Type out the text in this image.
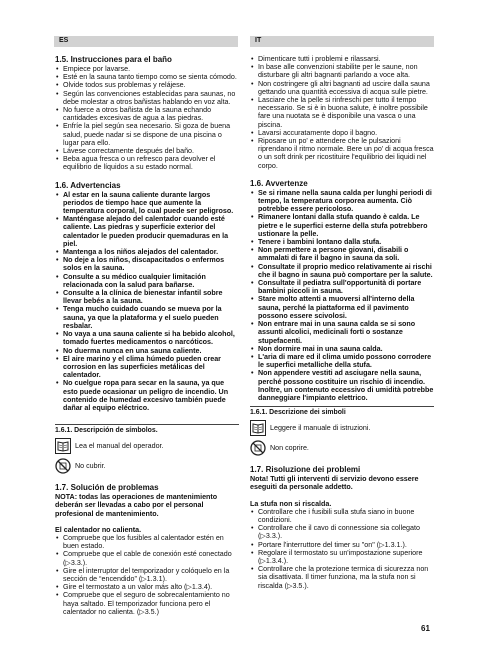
ES	IT
1.5. Instrucciones para el baño
• Empiece por lavarse.
• Esté en la sauna tanto tiempo como se sienta cómodo.
• Olvide todos sus problemas y relájese.
• Según las convenciones establecidas para saunas, no debe molestar a otros bañistas hablando en voz alta.
• No fuerce a otros bañista de la sauna echando cantidades excesivas de agua a las piedras.
• Enfríe la piel según sea necesario. Si goza de buena salud, puede nadar si se dispone de una piscina o lugar para ello.
• Lávese correctamente después del baño.
• Beba agua fresca o un refresco para devolver el equilibrio de líquidos a su estado normal.
1.6. Advertencias
• Al estar en la sauna caliente durante largos periodos de tiempo hace que aumente la temperatura corporal, lo cual puede ser peligroso.
• Manténgase alejado del calentador cuando esté caliente. Las piedras y superficie exterior del calentador le pueden producir quemaduras en la piel.
• Mantenga a los niños alejados del calentador.
• No deje a los niños, discapacitados o enfermos solos en la sauna.
• Consulte a su médico cualquier limitación relacionada con la salud para bañarse.
• Consulte a la clínica de bienestar infantil sobre llevar bebés a la sauna.
• Tenga mucho cuidado cuando se mueva por la sauna, ya que la plataforma y el suelo pueden resbalar.
• No vaya a una sauna caliente si ha bebido alcohol, tomado fuertes medicamentos o narcóticos.
• No duerma nunca en una sauna caliente.
• El aire marino y el clima húmedo pueden crear corrosion en las superficies metálicas del calentador.
• No cuelgue ropa para secar en la sauna, ya que esto puede ocasionar un peligro de incendio. Un contenido de humedad excesivo también puede dañar al equipo eléctrico.
1.6.1. Descripción de símbolos.
Lea el manual del operador.
No cubrir.
1.7. Solución de problemas
NOTA: todas las operaciones de mantenimiento deberán ser llevadas a cabo por el personal profesional de mantenimiento.
El calentador no calienta.
• Compruebe que los fusibles al calentador estén en buen estado.
• Compruebe que el cable de conexión esté conectado (▷3.3.).
• Gire el interruptor del temporizador y colóquelo en la sección de “encendido” (▷1.3.1).
• Gire el termostato a un valor más alto (▷1.3.4).
• Compruebe que el seguro de sobrecalentamiento no haya saltado. El temporizador funciona pero el calentador no calienta. (▷3.5.)
• Dimenticare tutti i problemi e rilassarsi.
• In base alle convenzioni stabilite per le saune, non disturbare gli altri bagnanti parlando a voce alta.
• Non costringere gli altri bagnanti ad uscire dalla sauna gettando una quantità eccessiva di acqua sulle pietre.
• Lasciare che la pelle si rinfreschi per tutto il tempo necessario. Se si è in buona salute, è inoltre possibile fare una nuotata se è disponibile una vasca o una piscina.
• Lavarsi accuratamente dopo il bagno.
• Riposare un po' e attendere che le pulsazioni riprendano il ritmo normale. Bere un po' di acqua fresca o un soft drink per ricostituire l'equilibrio dei liquidi nel corpo.
1.6. Avvertenze
• Se si rimane nella sauna calda per lunghi periodi di tempo, la temperatura corporea aumenta. Ciò potrebbe essere pericoloso.
• Rimanere lontani dalla stufa quando è calda. Le pietre e le superfici esterne della stufa potrebbero ustionare la pelle.
• Tenere i bambini lontano dalla stufa.
• Non permettere a persone giovani, disabili o ammalati di fare il bagno in sauna da soli.
• Consultate il proprio medico relativamente ai rischi che il bagno in sauna può comportare per la salute.
• Consultate il pediatra sull'opportunità di portare bambini piccoli in sauna.
• Stare molto attenti a muoversi all'interno della sauna, perché la piattaforma ed il pavimento possono essere scivolosi.
• Non entrare mai in una sauna calda se si sono assunti alcolici, medicinali forti o sostanze stupefacenti.
• Non dormire mai in una sauna calda.
• L'aria di mare ed il clima umido possono corrodere le superfici metalliche della stufa.
• Non appendere vestiti ad asciugare nella sauna, perché possono costituire un rischio di incendio. Inoltre, un contenuto eccessivo di umidità potrebbe danneggiare l'impianto elettrico.
1.6.1. Descrizione dei simboli
Leggere il manuale di istruzioni.
Non coprire.
1.7. Risoluzione dei problemi
Nota! Tutti gli interventi di servizio devono essere eseguiti da personale addetto.
La stufa non si riscalda.
• Controllare che i fusibili sulla stufa siano in buone condizioni.
• Controllare che il cavo di connessione sia collegato (▷3.3.).
• Portare l'interruttore del timer su "on" (▷1.3.1.).
• Regolare il termostato su un'impostazione superiore (▷1.3.4.).
• Controllare che la protezione termica di sicurezza non sia disattivata. Il timer funziona, ma la stufa non si riscalda (▷3.5.).
61
